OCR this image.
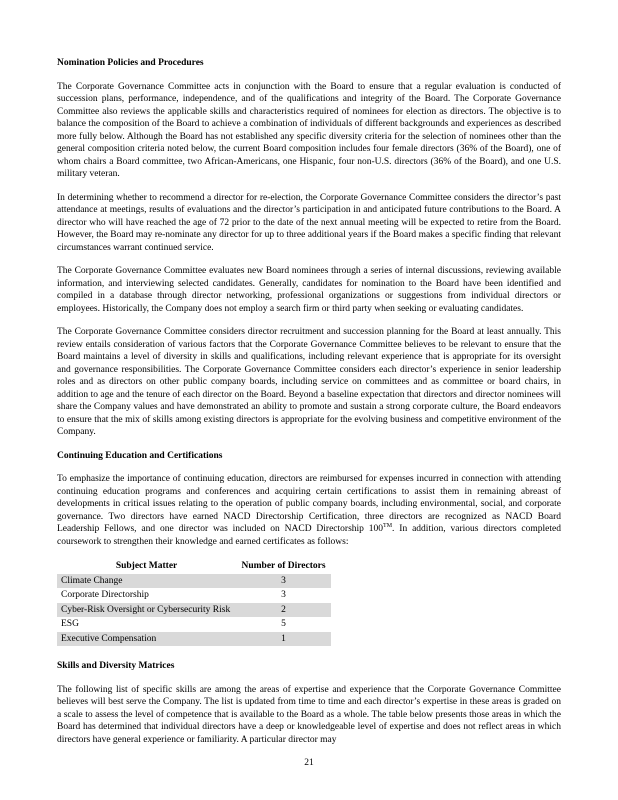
Nomination Policies and Procedures

The Corporate Governance Committee acts in conjunction with the Board to ensure that a regular evaluation is conducted of succession plans, performance, independence, and of the qualifications and integrity of the Board. The Corporate Governance Committee also reviews the applicable skills and characteristics required of nominees for election as directors. The objective is to balance the composition of the Board to achieve a combination of individuals of different backgrounds and experiences as described more fully below. Although the Board has not established any specific diversity criteria for the selection of nominees other than the general composition criteria noted below, the current Board composition includes four female directors (36% of the Board), one of whom chairs a Board committee, two African-Americans, one Hispanic, four non-U.S. directors (36% of the Board), and one U.S. military veteran.

In determining whether to recommend a director for re-election, the Corporate Governance Committee considers the director’s past attendance at meetings, results of evaluations and the director’s participation in and anticipated future contributions to the Board. A director who will have reached the age of 72 prior to the date of the next annual meeting will be expected to retire from the Board. However, the Board may re-nominate any director for up to three additional years if the Board makes a specific finding that relevant circumstances warrant continued service.

The Corporate Governance Committee evaluates new Board nominees through a series of internal discussions, reviewing available information, and interviewing selected candidates. Generally, candidates for nomination to the Board have been identified and compiled in a database through director networking, professional organizations or suggestions from individual directors or employees. Historically, the Company does not employ a search firm or third party when seeking or evaluating candidates.

The Corporate Governance Committee considers director recruitment and succession planning for the Board at least annually. This review entails consideration of various factors that the Corporate Governance Committee believes to be relevant to ensure that the Board maintains a level of diversity in skills and qualifications, including relevant experience that is appropriate for its oversight and governance responsibilities. The Corporate Governance Committee considers each director’s experience in senior leadership roles and as directors on other public company boards, including service on committees and as committee or board chairs, in addition to age and the tenure of each director on the Board. Beyond a baseline expectation that directors and director nominees will share the Company values and have demonstrated an ability to promote and sustain a strong corporate culture, the Board endeavors to ensure that the mix of skills among existing directors is appropriate for the evolving business and competitive environment of the Company.

Continuing Education and Certifications

To emphasize the importance of continuing education, directors are reimbursed for expenses incurred in connection with attending continuing education programs and conferences and acquiring certain certifications to assist them in remaining abreast of developments in critical issues relating to the operation of public company boards, including environmental, social, and corporate governance. Two directors have earned NACD Directorship Certification, three directors are recognized as NACD Board Leadership Fellows, and one director was included on NACD Directorship 100™. In addition, various directors completed coursework to strengthen their knowledge and earned certificates as follows:

Subject Matter	Number of Directors
Climate Change	3
Corporate Directorship	3
Cyber-Risk Oversight or Cybersecurity Risk	2
ESG	5
Executive Compensation	1
Skills and Diversity Matrices

The following list of specific skills are among the areas of expertise and experience that the Corporate Governance Committee believes will best serve the Company. The list is updated from time to time and each director’s expertise in these areas is graded on a scale to assess the level of competence that is available to the Board as a whole. The table below presents those areas in which the Board has determined that individual directors have a deep or knowledgeable level of expertise and does not reflect areas in which directors have general experience or familiarity. A particular director may

21
